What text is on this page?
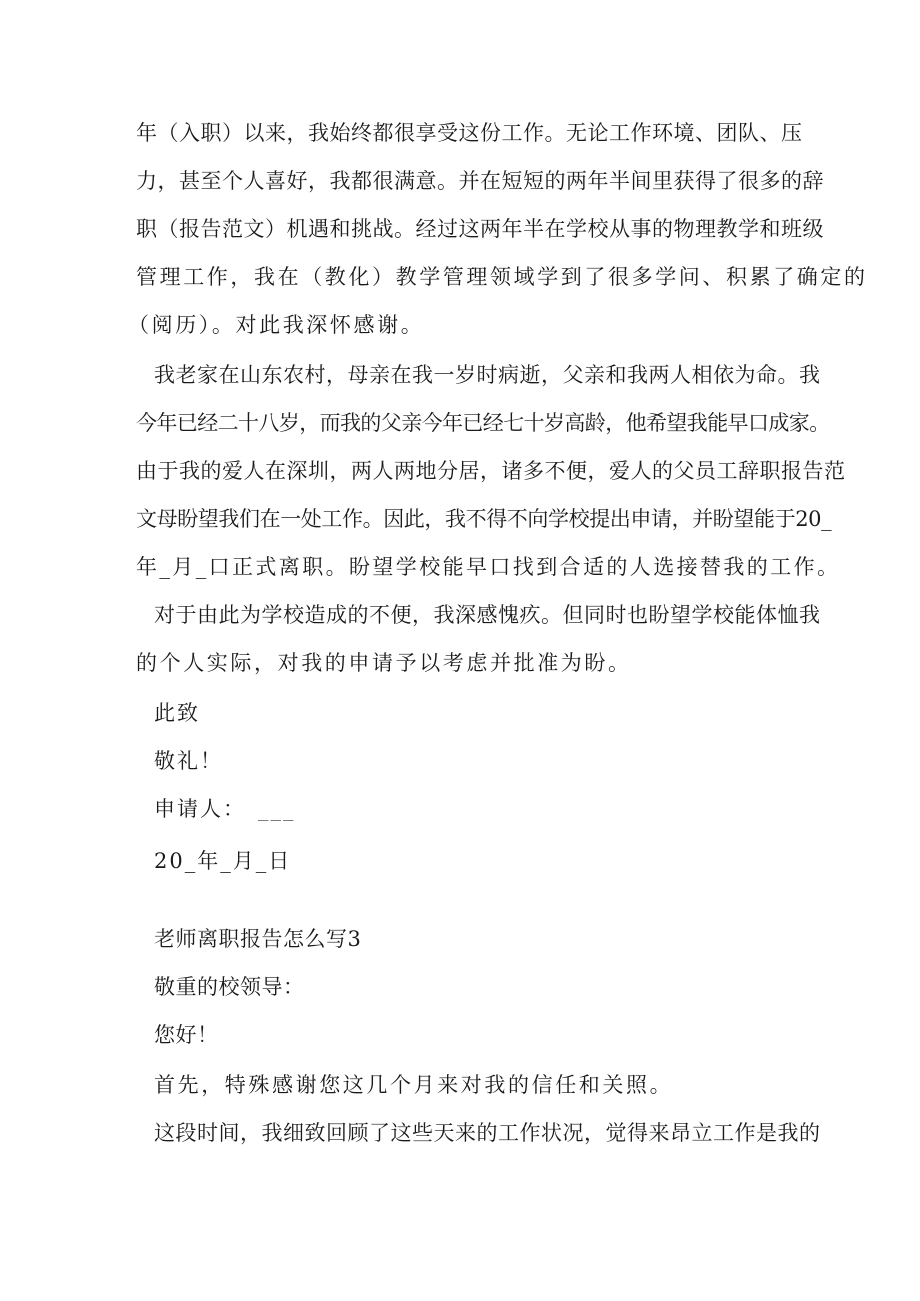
年（入职）以来，我始终都很享受这份工作。无论工作环境、团队、压
力，甚至个人喜好，我都很满意。并在短短的两年半间里获得了很多的辞
职（报告范文）机遇和挑战。经过这两年半在学校从事的物理教学和班级
管理工作，我在（教化）教学管理领域学到了很多学问、积累了确定的
（阅历）。对此我深怀感谢。
我老家在山东农村，母亲在我一岁时病逝，父亲和我两人相依为命。我
今年已经二十八岁，而我的父亲今年已经七十岁高龄，他希望我能早口成家。
由于我的爱人在深圳，两人两地分居，诸多不便，爱人的父员工辞职报告范
文母盼望我们在一处工作。因此，我不得不向学校提出申请，并盼望能于20_
年_月_口正式离职。盼望学校能早口找到合适的人选接替我的工作。
对于由此为学校造成的不便，我深感愧疚。但同时也盼望学校能体恤我
的个人实际，对我的申请予以考虑并批准为盼。
此致
敬礼！
申请人： ___
20_年_月_日
老师离职报告怎么写3
敬重的校领导：
您好！
首先，特殊感谢您这几个月来对我的信任和关照。
这段时间，我细致回顾了这些天来的工作状况，觉得来昂立工作是我的
